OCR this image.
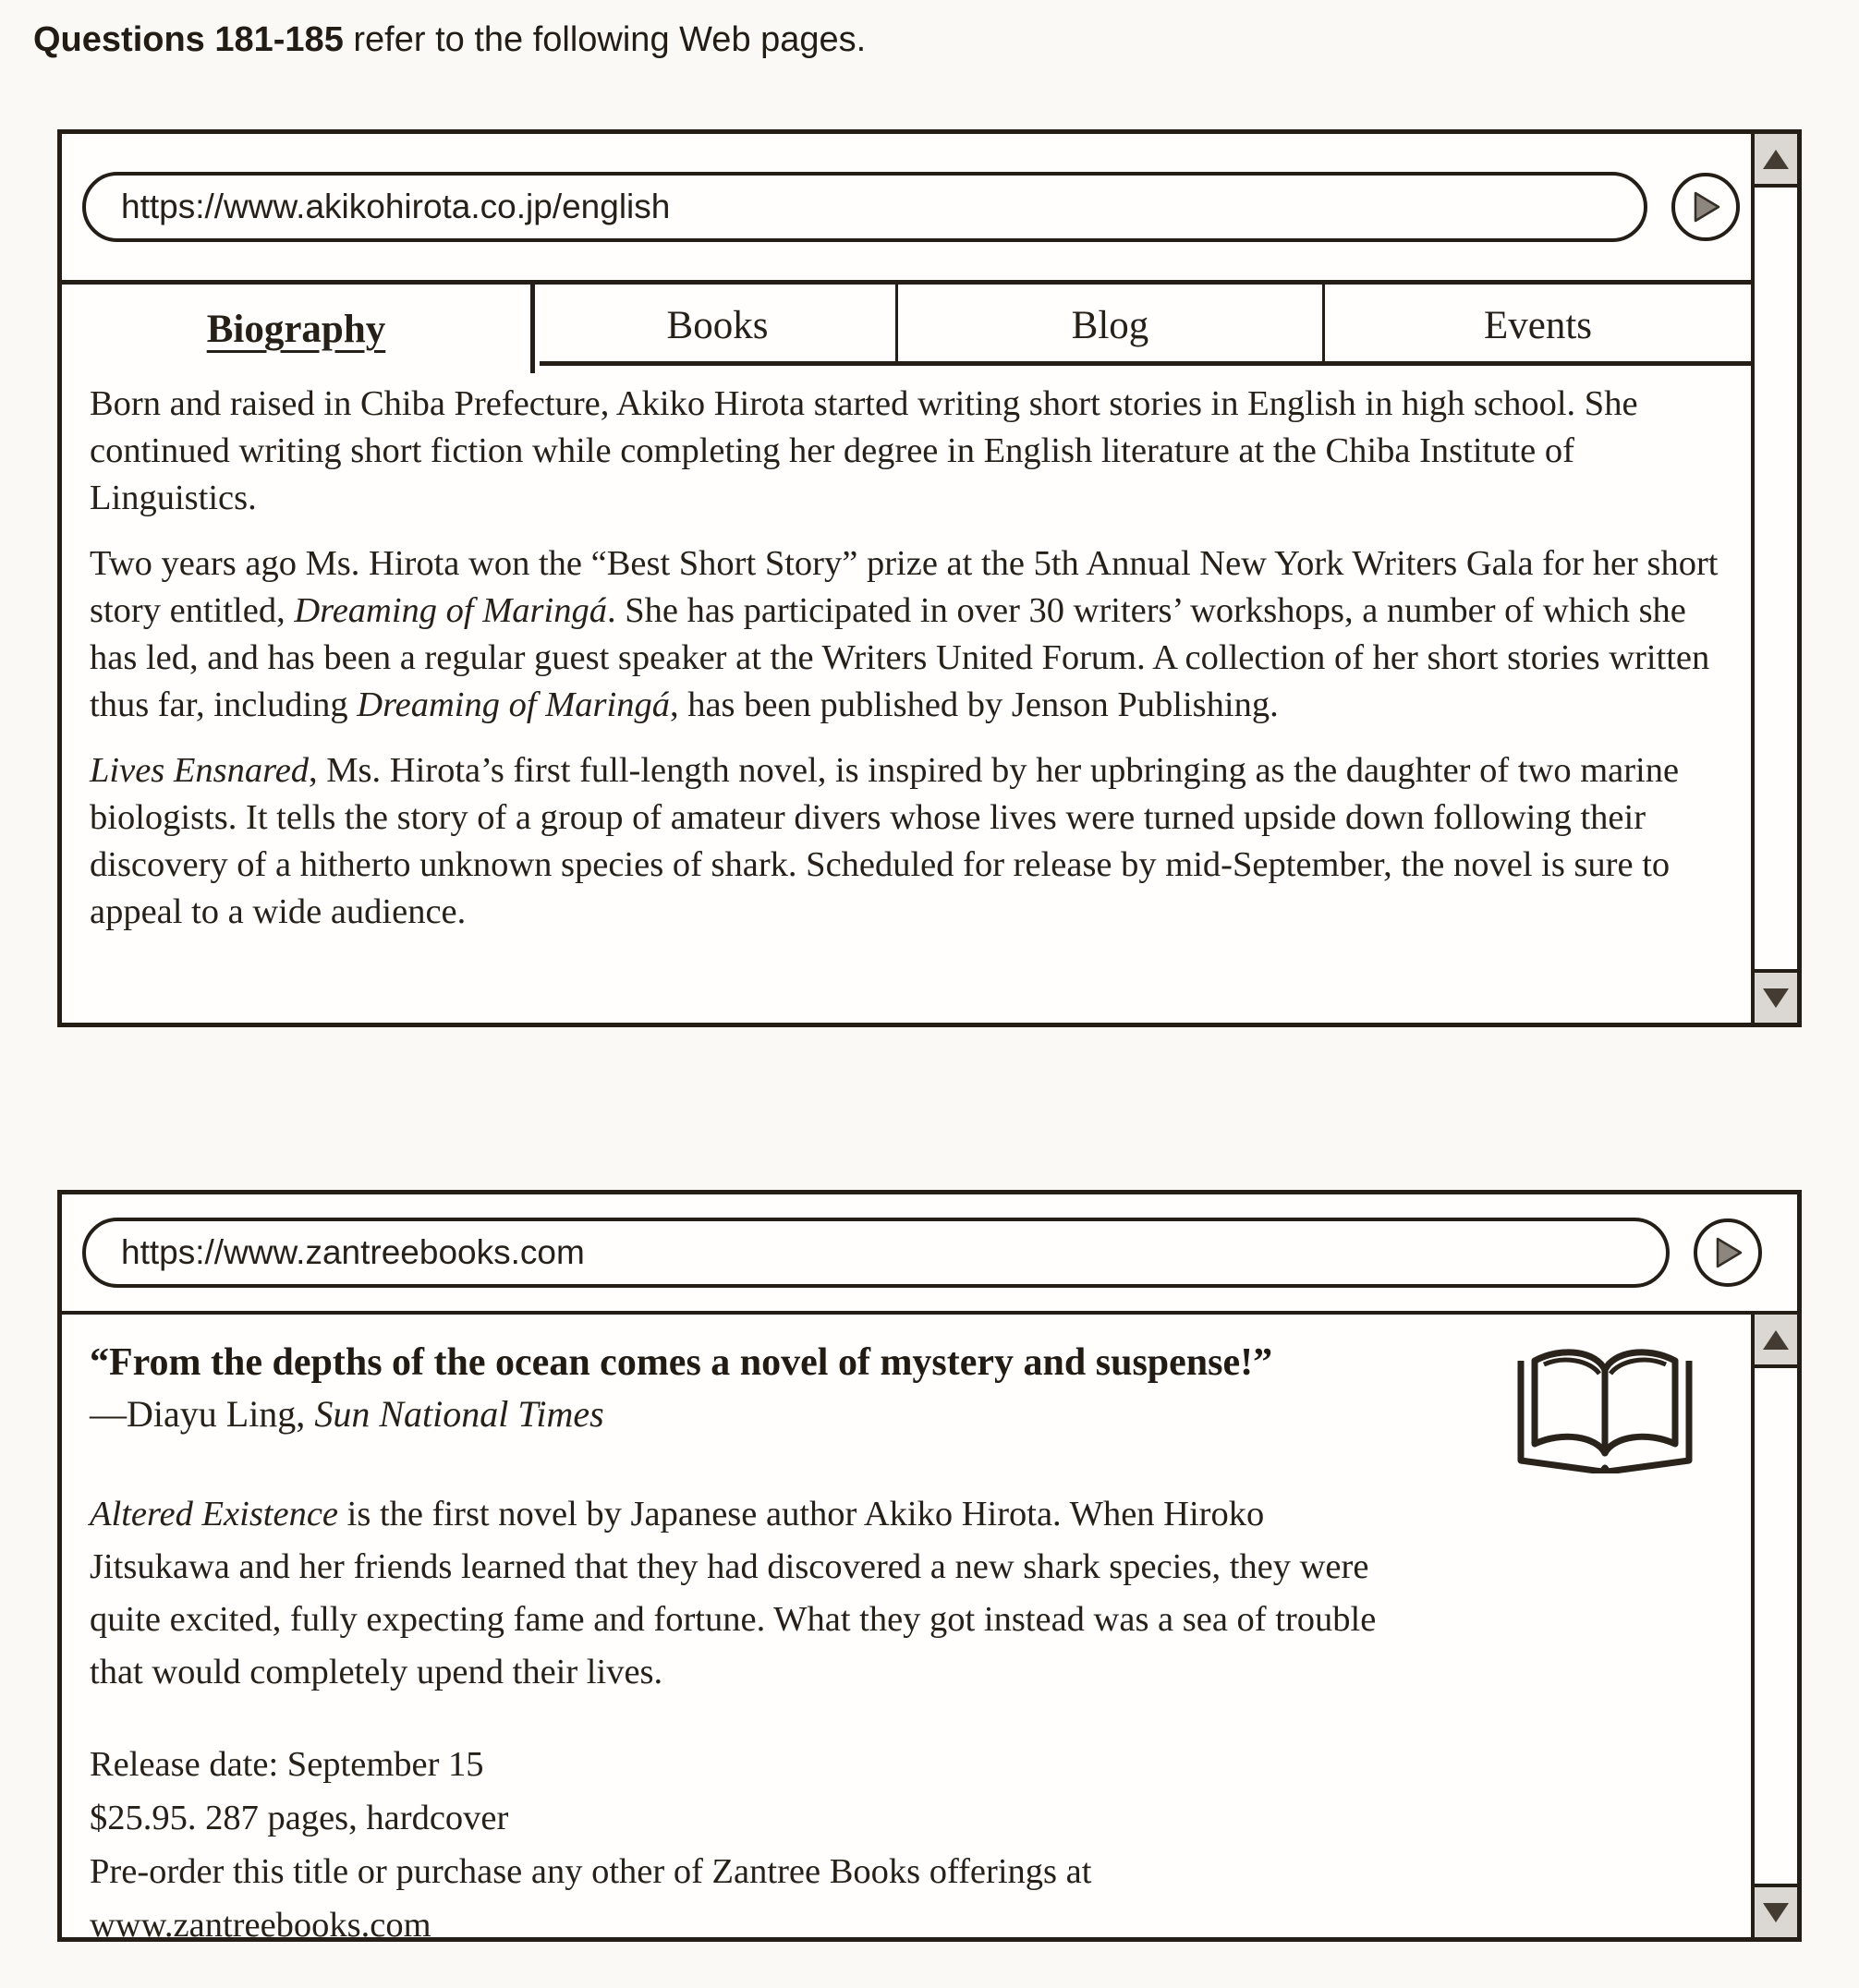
Questions 181-185 refer to the following Web pages.
https://www.akikohirota.co.jp/english
Biography	Books	Blog	Events

Born and raised in Chiba Prefecture, Akiko Hirota started writing short stories in English in high school. She continued writing short fiction while completing her degree in English literature at the Chiba Institute of Linguistics.

Two years ago Ms. Hirota won the “Best Short Story” prize at the 5th Annual New York Writers Gala for her short story entitled, Dreaming of Maringá. She has participated in over 30 writers’ workshops, a number of which she has led, and has been a regular guest speaker at the Writers United Forum. A collection of her short stories written thus far, including Dreaming of Maringá, has been published by Jenson Publishing.

Lives Ensnared, Ms. Hirota’s first full-length novel, is inspired by her upbringing as the daughter of two marine biologists. It tells the story of a group of amateur divers whose lives were turned upside down following their discovery of a hitherto unknown species of shark. Scheduled for release by mid-September, the novel is sure to appeal to a wide audience.

https://www.zantreebooks.com
“From the depths of the ocean comes a novel of mystery and suspense!”
—Diayu Ling, Sun National Times

Altered Existence is the first novel by Japanese author Akiko Hirota. When Hiroko Jitsukawa and her friends learned that they had discovered a new shark species, they were quite excited, fully expecting fame and fortune. What they got instead was a sea of trouble that would completely upend their lives.

Release date: September 15
$25.95. 287 pages, hardcover
Pre-order this title or purchase any other of Zantree Books offerings at
www.zantreebooks.com
